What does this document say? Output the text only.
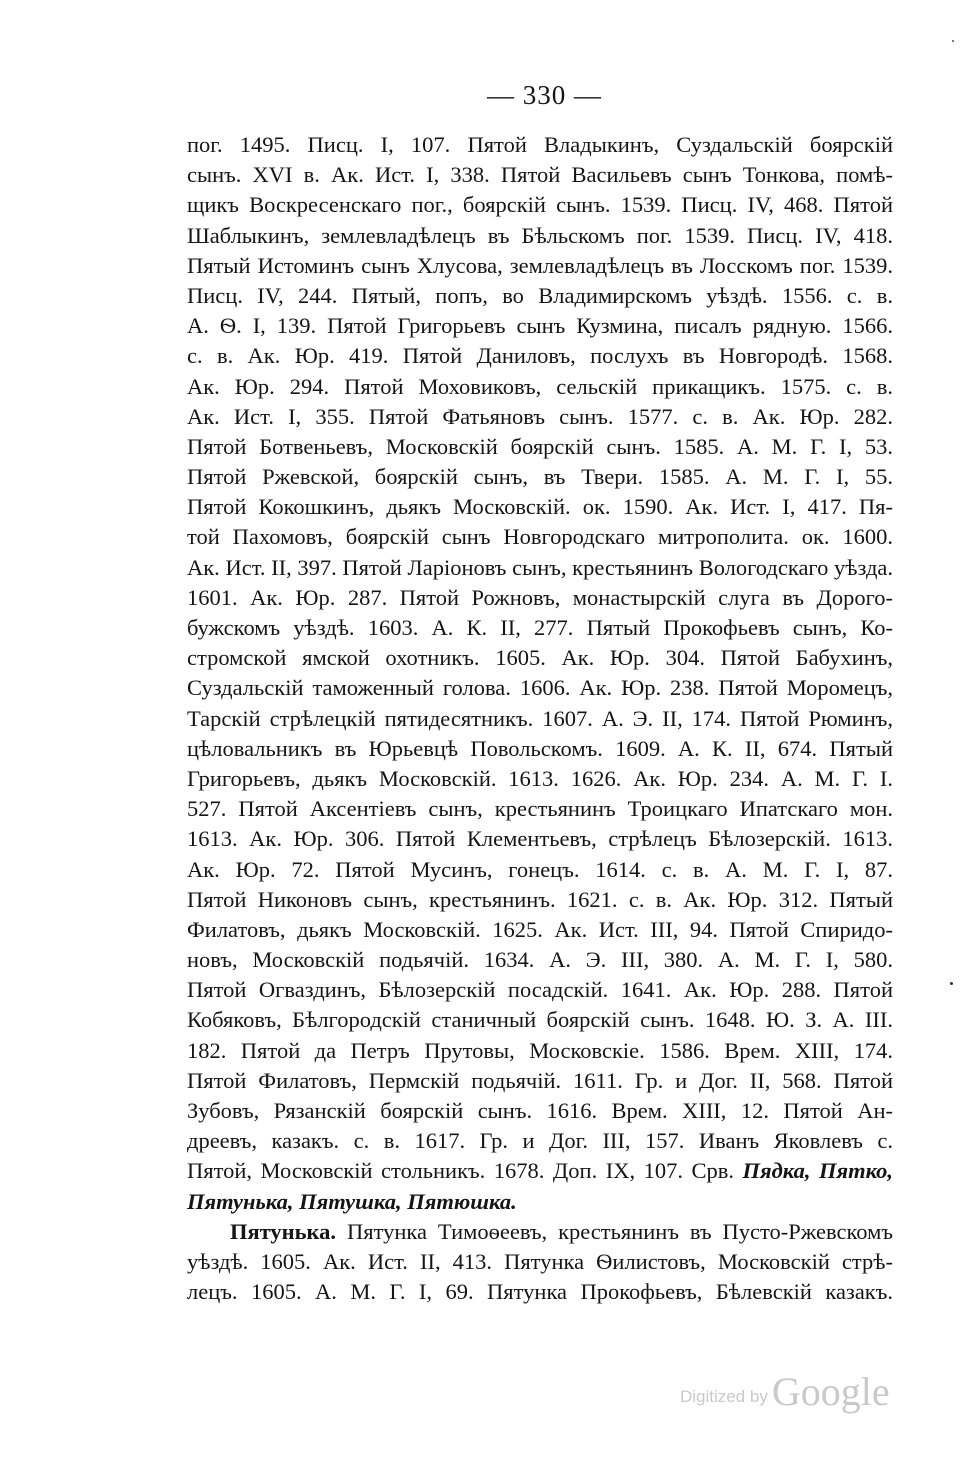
— 330 —
пог. 1495. Писц. I, 107. Пятой Владыкинъ, Суздальскій боярскій
сынъ. XVI в. Ак. Ист. I, 338. Пятой Васильевъ сынъ Тонкова, помѣ-
щикъ Воскресенскаго пог., боярскій сынъ. 1539. Писц. IV, 468. Пятой
Шаблыкинъ, землевладѣлецъ въ Бѣльскомъ пог. 1539. Писц. IV, 418.
Пятый Истоминъ сынъ Хлусова, землевладѣлецъ въ Лосскомъ пог. 1539.
Писц. IV, 244. Пятый, попъ, во Владимирскомъ уѣздѣ. 1556. с. в.
А. Ѳ. I, 139. Пятой Григорьевъ сынъ Кузмина, писалъ рядную. 1566.
с. в. Ак. Юр. 419. Пятой Даниловъ, послухъ въ Новгородѣ. 1568.
Ак. Юр. 294. Пятой Моховиковъ, сельскій прикащикъ. 1575. с. в.
Ак. Ист. I, 355. Пятой Фатьяновъ сынъ. 1577. с. в. Ак. Юр. 282.
Пятой Ботвеньевъ, Московскій боярскій сынъ. 1585. А. М. Г. I, 53.
Пятой Ржевской, боярскій сынъ, въ Твери. 1585. А. М. Г. I, 55.
Пятой Кокошкинъ, дьякъ Московскій. ок. 1590. Ак. Ист. I, 417. Пя-
той Пахомовъ, боярскій сынъ Новгородскаго митрополита. ок. 1600.
Ак. Ист. II, 397. Пятой Ларіоновъ сынъ, крестьянинъ Вологодскаго уѣзда.
1601. Ак. Юр. 287. Пятой Рожновъ, монастырскій слуга въ Дорого-
бужскомъ уѣздѣ. 1603. А. К. II, 277. Пятый Прокофьевъ сынъ, Ко-
стромской ямской охотникъ. 1605. Ак. Юр. 304. Пятой Бабухинъ,
Суздальскій таможенный голова. 1606. Ак. Юр. 238. Пятой Моромецъ,
Тарскій стрѣлецкій пятидесятникъ. 1607. А. Э. II, 174. Пятой Рюминъ,
цѣловальникъ въ Юрьевцѣ Повольскомъ. 1609. А. К. II, 674. Пятый
Григорьевъ, дьякъ Московскій. 1613. 1626. Ак. Юр. 234. А. М. Г. I.
527. Пятой Аксентіевъ сынъ, крестьянинъ Троицкаго Ипатскаго мон.
1613. Ак. Юр. 306. Пятой Клементьевъ, стрѣлецъ Бѣлозерскій. 1613.
Ак. Юр. 72. Пятой Мусинъ, гонецъ. 1614. с. в. А. М. Г. I, 87.
Пятой Никоновъ сынъ, крестьянинъ. 1621. с. в. Ак. Юр. 312. Пятый
Филатовъ, дьякъ Московскій. 1625. Ак. Ист. III, 94. Пятой Спиридо-
новъ, Московскій подьячій. 1634. А. Э. III, 380. А. М. Г. I, 580.
Пятой Огваздинъ, Бѣлозерскій посадскій. 1641. Ак. Юр. 288. Пятой
Кобяковъ, Бѣлгородскій станичный боярскій сынъ. 1648. Ю. З. А. III.
182. Пятой да Петръ Прутовы, Московскіе. 1586. Врем. XIII, 174.
Пятой Филатовъ, Пермскій подьячій. 1611. Гр. и Дог. II, 568. Пятой
Зубовъ, Рязанскій боярскій сынъ. 1616. Врем. XIII, 12. Пятой Ан-
дреевъ, казакъ. с. в. 1617. Гр. и Дог. III, 157. Иванъ Яковлевъ с.
Пятой, Московскій стольникъ. 1678. Доп. IX, 107. Срв. Пядка, Пятко,
Пятунька, Пятушка, Пятюшка.
Пятунька. Пятунка Тимоѳеевъ, крестьянинъ въ Пусто-Ржевскомъ
уѣздѣ. 1605. Ак. Ист. II, 413. Пятунка Ѳилистовъ, Московскій стрѣ-
лецъ. 1605. А. М. Г. I, 69. Пятунка Прокофьевъ, Бѣлевскій казакъ.
Digitized by Google
